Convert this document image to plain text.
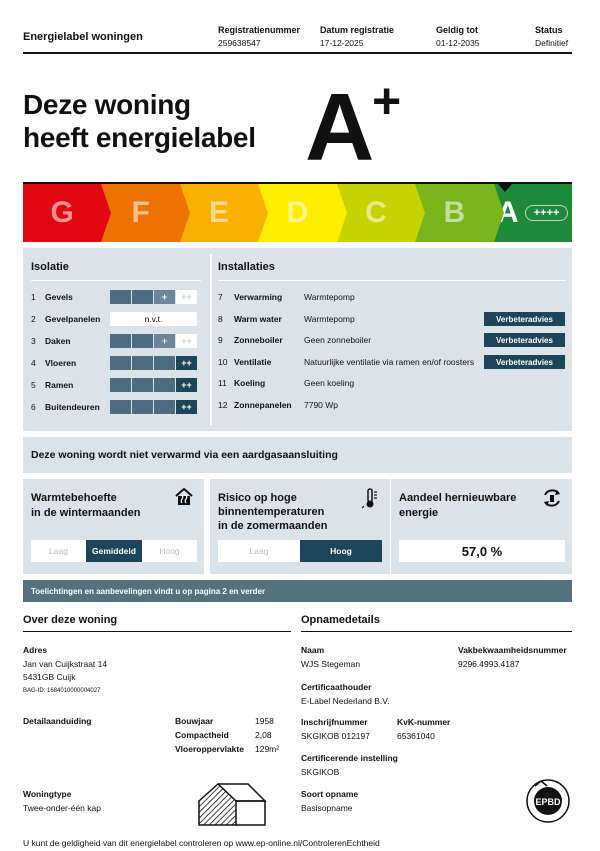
Energielabel woningen
Registratienummer
259638547
Datum registratie
17-12-2025
Geldig tot
01-12-2035
Status
Definitief
Deze woning
heeft energielabel A
+
G F E D C B A	++++
Isolatie	Installaties
1	Gevels	+	++
2	Gevelpanelen	n.v.t.
3	Daken	+	++
4	Vloeren	++
5	Ramen	++
6	Buitendeuren	++
7	Verwarming	Warmtepomp
8	Warm water	Warmtepomp	Verbeteradvies
9	Zonneboiler	Geen zonneboiler	Verbeteradvies
10 Ventilatie	Natuurlijke ventilatie via ramen en/of roosters	Verbeteradvies
11 Koeling	Geen koeling
12 Zonnepanelen	7790 Wp
Deze woning wordt niet verwarmd via een aardgasaansluiting
Warmtebehoefte
in de wintermaanden
Laag	Gemiddeld	Hoog
Risico op hoge
binnentemperaturen
in de zomermaanden
Laag	Hoog
Aandeel hernieuwbare
energie
57,0 %
Toelichtingen en aanbevelingen vindt u op pagina 2 en verder
Over deze woning
Adres
Jan van Cuijkstraat 14
5431GB Cuijk
BAG-ID: 1684010000004027
Detailaanduiding	Bouwjaar	1958
Compactheid	2,08
Vloeroppervlakte 129m²
Woningtype
Twee-onder-één kap
Opnamedetails
Naam
WJS Stegeman
Vakbekwaamheidsnummer
9296.4993.4187
Certificaathouder
E-Label Nederland B.V.
Inschrijfnummer
SKGIKOB 012197
KvK-nummer
65361040
Certificerende instelling
SKGIKOB
Soort opname
Basisopname
EPBD
U kunt de geldigheid van dit energielabel controleren op www.ep-online.nl/ControlerenEchtheid
